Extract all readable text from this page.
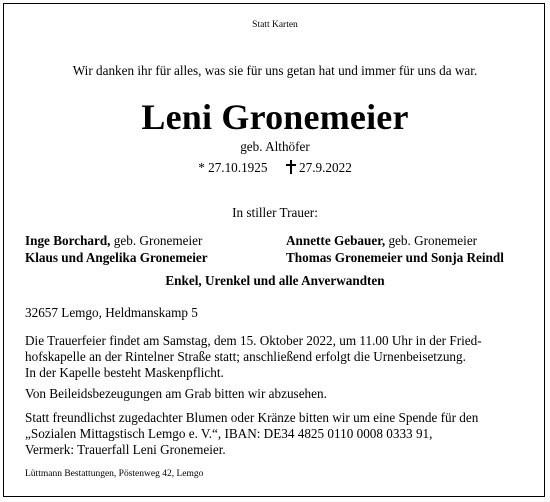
Statt Karten
Wir danken ihr für alles, was sie für uns getan hat und immer für uns da war.
Leni Gronemeier
geb. Althöfer
* 27.10.1925 27.9.2022
In stiller Trauer:
Inge Borchard, geb. Gronemeier
Klaus und Angelika Gronemeier
Annette Gebauer, geb. Gronemeier
Thomas Gronemeier und Sonja Reindl
Enkel, Urenkel und alle Anverwandten
32657 Lemgo, Heldmanskamp 5
Die Trauerfeier findet am Samstag, dem 15. Oktober 2022, um 11.00 Uhr in der Fried-
hofskapelle an der Rintelner Straße statt; anschließend erfolgt die Urnenbeisetzung.
In der Kapelle besteht Maskenpflicht.
Von Beileidsbezeugungen am Grab bitten wir abzusehen.
Statt freundlichst zugedachter Blumen oder Kränze bitten wir um eine Spende für den
„Sozialen Mittagstisch Lemgo e. V.“, IBAN: DE34 4825 0110 0008 0333 91,
Vermerk: Trauerfall Leni Gronemeier.
Lüttmann Bestattungen, Pöstenweg 42, Lemgo
